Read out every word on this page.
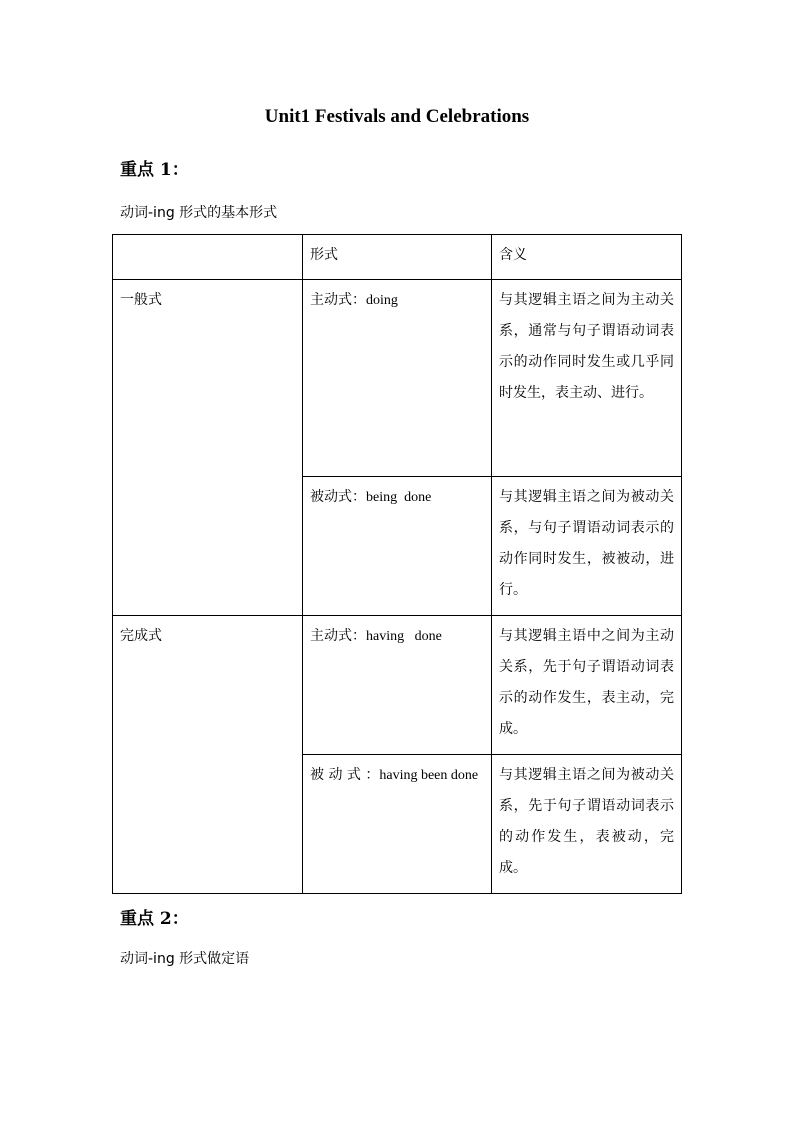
Unit1 Festivals and Celebrations
重点 1：
动词-ing 形式的基本形式
	形式	含义
一般式	主动式：doing	与其逻辑主语之间为主动关系，通常与句子谓语动词表示的动作同时发生或几乎同时发生，表主动、进行。
	被动式：being  done	与其逻辑主语之间为被动关系，与句子谓语动词表示的动作同时发生，被被动，进行。
完成式	主动式：having   done	与其逻辑主语中之间为主动关系，先于句子谓语动词表示的动作发生，表主动，完成。
	被 动 式 ：having been done	与其逻辑主语之间为被动关系，先于句子谓语动词表示的动作发生，表被动，完成。
重点 2：
动词-ing 形式做定语
